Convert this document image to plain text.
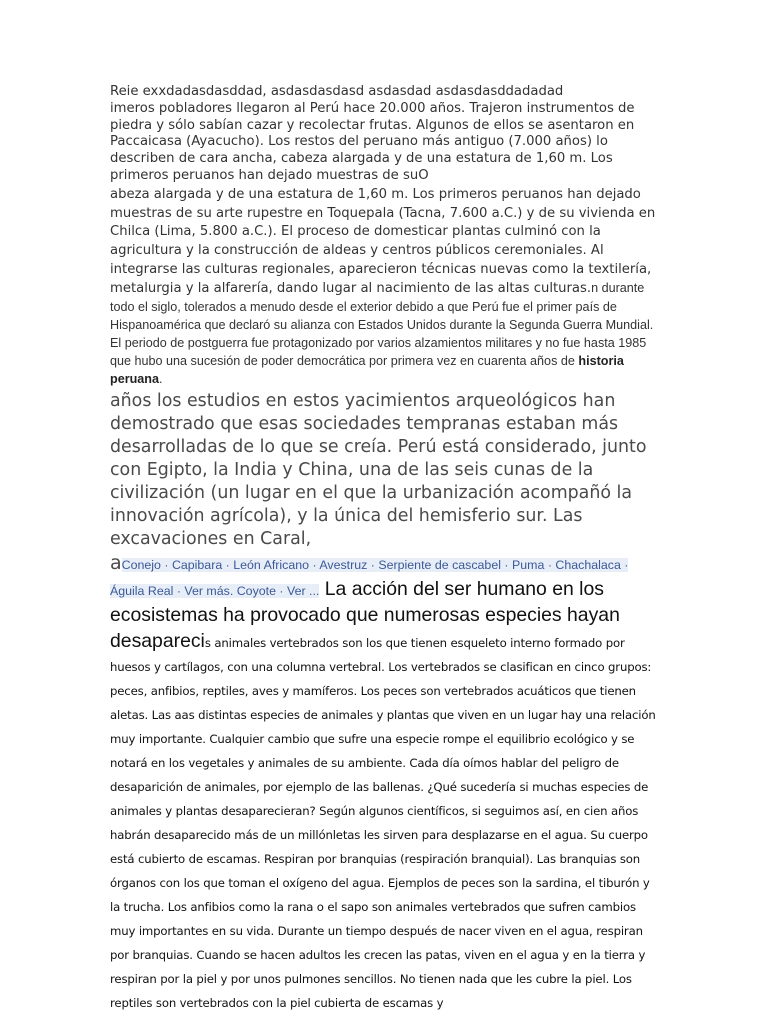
Reie exxdadasdasddad, asdasdasdasd asdasdad asdasdasddadadad

imeros pobladores llegaron al Perú hace 20.000 años. Trajeron instrumentos de piedra y sólo sabían cazar y recolectar frutas. Algunos de ellos se asentaron en Paccaicasa (Ayacucho). Los restos del peruano más antiguo (7.000 años) lo describen de cara ancha, cabeza alargada y de una estatura de 1,60 m. Los primeros peruanos han dejado muestras de suO

abeza alargada y de una estatura de 1,60 m. Los primeros peruanos han dejado muestras de su arte rupestre en Toquepala (Tacna, 7.600 a.C.) y de su vivienda en Chilca (Lima, 5.800 a.C.). El proceso de domesticar plantas culminó con la agricultura y la construcción de aldeas y centros públicos ceremoniales. Al integrarse las culturas regionales, aparecieron técnicas nuevas como la textilería, metalurgia y la alfarería, dando lugar al nacimiento de las altas culturas.n durante todo el siglo, tolerados a menudo desde el exterior debido a que Perú fue el primer país de Hispanoamérica que declaró su alianza con Estados Unidos durante la Segunda Guerra Mundial. El periodo de postguerra fue protagonizado por varios alzamientos militares y no fue hasta 1985 que hubo una sucesión de poder democrática por primera vez en cuarenta años de historia peruana.

años los estudios en estos yacimientos arqueológicos han demostrado que esas sociedades tempranas estaban más desarrolladas de lo que se creía. Perú está considerado, junto con Egipto, la India y China, una de las seis cunas de la civilización (un lugar en el que la urbanización acompañó la innovación agrícola), y la única del hemisferio sur. Las excavaciones en Caral,

aConejo · Capibara · León Africano · Avestruz · Serpiente de cascabel · Puma · Chachalaca · Águila Real · Ver más. Coyote · Ver ... La acción del ser humano en los ecosistemas ha provocado que numerosas especies hayan desaparecis animales vertebrados son los que tienen esqueleto interno formado por huesos y cartílagos, con una columna vertebral. Los vertebrados se clasifican en cinco grupos: peces, anfibios, reptiles, aves y mamíferos. Los peces son vertebrados acuáticos que tienen aletas. Las aas distintas especies de animales y plantas que viven en un lugar hay una relación muy importante. Cualquier cambio que sufre una especie rompe el equilibrio ecológico y se notará en los vegetales y animales de su ambiente. Cada día oímos hablar del peligro de desaparición de animales, por ejemplo de las ballenas. ¿Qué sucedería si muchas especies de animales y plantas desaparecieran? Según algunos científicos, si seguimos así, en cien años habrán desaparecido más de un millónletas les sirven para desplazarse en el agua. Su cuerpo está cubierto de escamas. Respiran por branquias (respiración branquial). Las branquias son órganos con los que toman el oxígeno del agua. Ejemplos de peces son la sardina, el tiburón y la trucha. Los anfibios como la rana o el sapo son animales vertebrados que sufren cambios muy importantes en su vida. Durante un tiempo después de nacer viven en el agua, respiran por branquias. Cuando se hacen adultos les crecen las patas, viven en el agua y en la tierra y respiran por la piel y por unos pulmones sencillos. No tienen nada que les cubre la piel. Los reptiles son vertebrados con la piel cubierta de escamas y
